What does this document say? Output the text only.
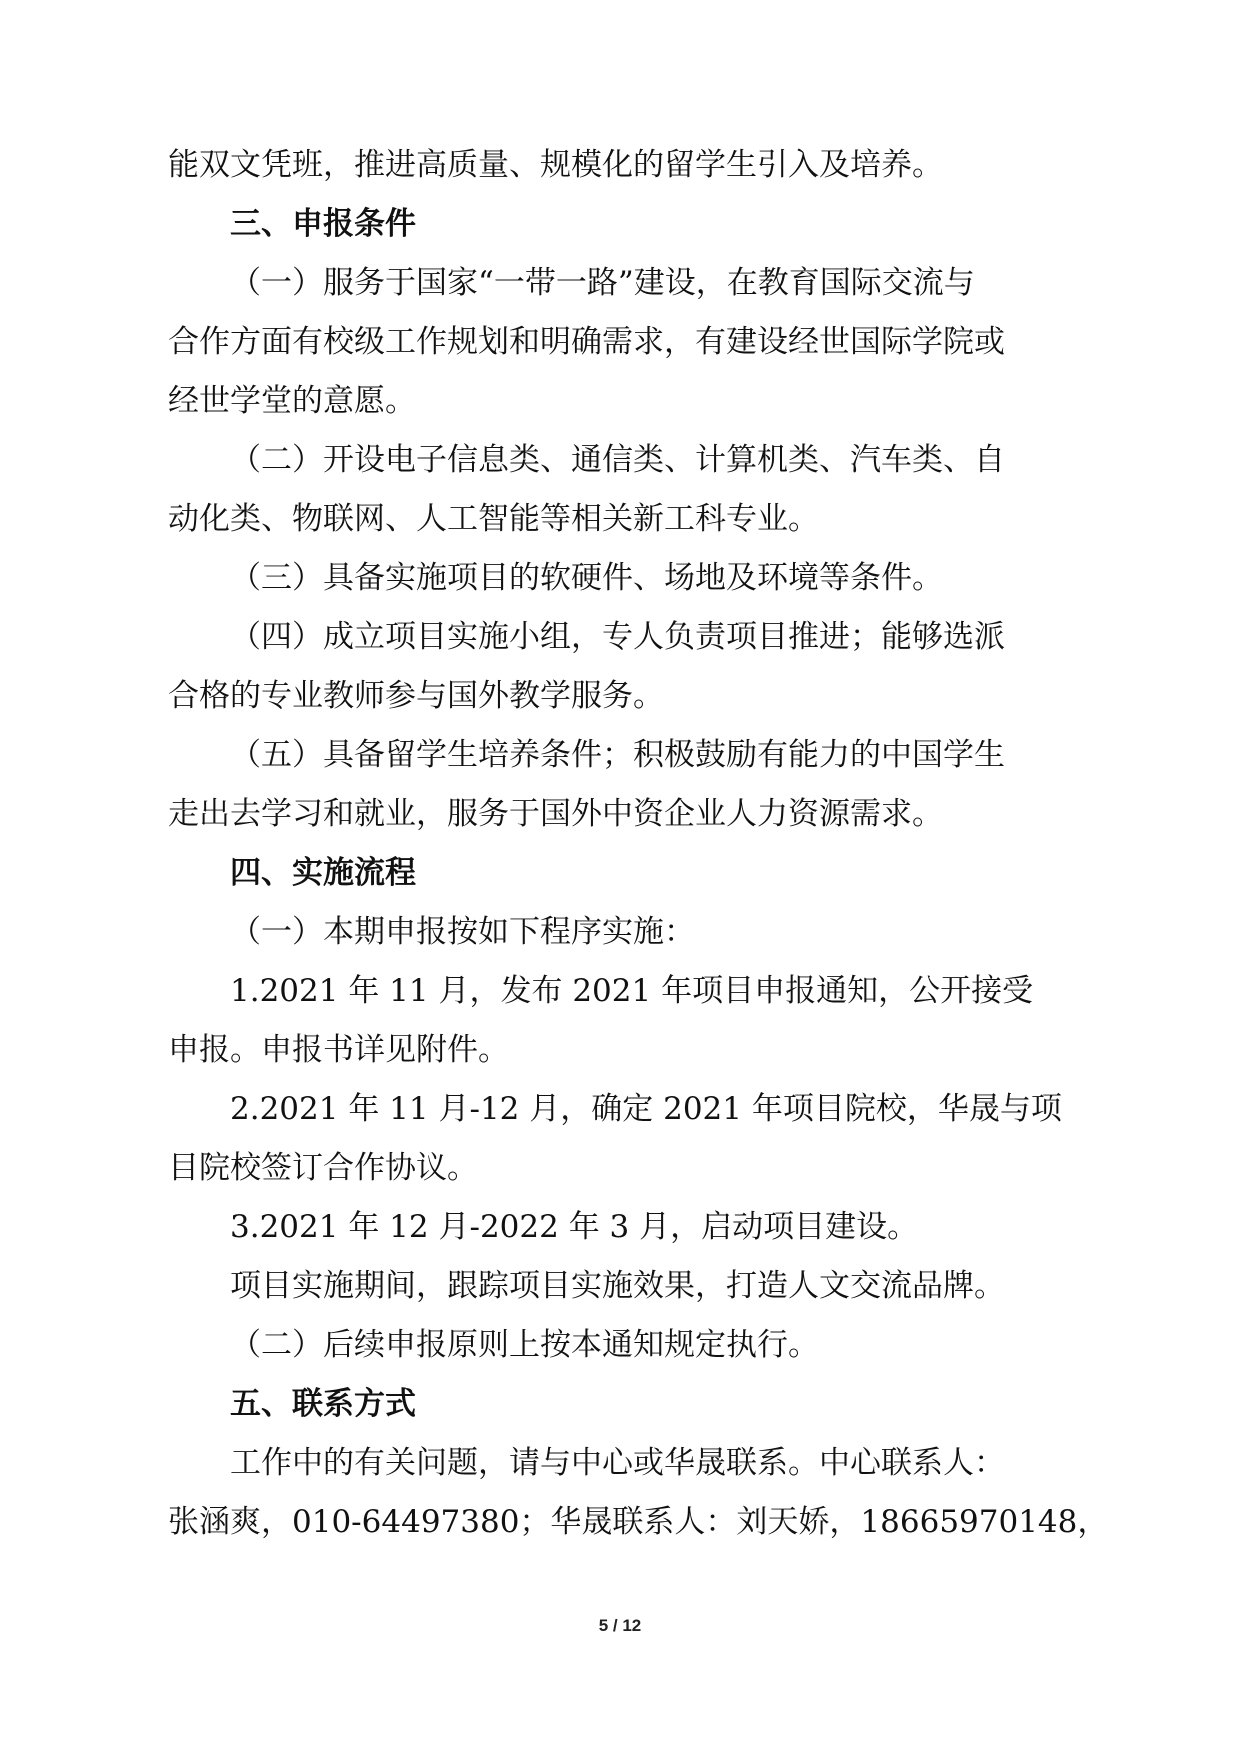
能双文凭班，推进高质量、规模化的留学生引入及培养。
三、申报条件
（一）服务于国家“一带一路”建设，在教育国际交流与
合作方面有校级工作规划和明确需求，有建设经世国际学院或
经世学堂的意愿。
（二）开设电子信息类、通信类、计算机类、汽车类、自
动化类、物联网、人工智能等相关新工科专业。
（三）具备实施项目的软硬件、场地及环境等条件。
（四）成立项目实施小组，专人负责项目推进；能够选派
合格的专业教师参与国外教学服务。
（五）具备留学生培养条件；积极鼓励有能力的中国学生
走出去学习和就业，服务于国外中资企业人力资源需求。
四、实施流程
（一）本期申报按如下程序实施：
1.2021 年 11 月，发布 2021 年项目申报通知，公开接受
申报。申报书详见附件。
2.2021 年 11 月-12 月，确定 2021 年项目院校，华晟与项
目院校签订合作协议。
3.2021 年 12 月-2022 年 3 月，启动项目建设。
项目实施期间，跟踪项目实施效果，打造人文交流品牌。
（二）后续申报原则上按本通知规定执行。
五、联系方式
工作中的有关问题，请与中心或华晟联系。中心联系人：
张涵爽，010-64497380；华晟联系人：刘天娇，18665970148，
5 / 12
